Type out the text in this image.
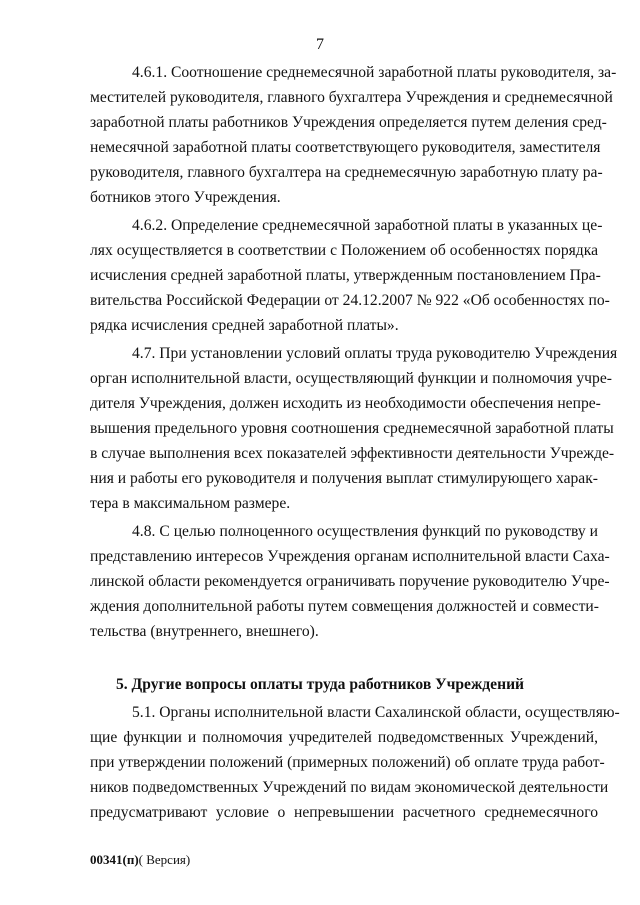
7
4.6.1. Соотношение среднемесячной заработной платы руководителя, за-
местителей руководителя, главного бухгалтера Учреждения и среднемесячной
заработной платы работников Учреждения определяется путем деления сред-
немесячной заработной платы соответствующего руководителя, заместителя
руководителя, главного бухгалтера на среднемесячную заработную плату ра-
ботников этого Учреждения.
4.6.2. Определение среднемесячной заработной платы в указанных це-
лях осуществляется в соответствии с Положением об особенностях порядка
исчисления средней заработной платы, утвержденным постановлением Пра-
вительства Российской Федерации от 24.12.2007 № 922 «Об особенностях по-
рядка исчисления средней заработной платы».
4.7. При установлении условий оплаты труда руководителю Учреждения
орган исполнительной власти, осуществляющий функции и полномочия учре-
дителя Учреждения, должен исходить из необходимости обеспечения непре-
вышения предельного уровня соотношения среднемесячной заработной платы
в случае выполнения всех показателей эффективности деятельности Учрежде-
ния и работы его руководителя и получения выплат стимулирующего харак-
тера в максимальном размере.
4.8. С целью полноценного осуществления функций по руководству и
представлению интересов Учреждения органам исполнительной власти Саха-
линской области рекомендуется ограничивать поручение руководителю Учре-
ждения дополнительной работы путем совмещения должностей и совмести-
тельства (внутреннего, внешнего).
5. Другие вопросы оплаты труда работников Учреждений
5.1. Органы исполнительной власти Сахалинской области, осуществляю-
щие функции и полномочия учредителей подведомственных Учреждений,
при утверждении положений (примерных положений) об оплате труда работ-
ников подведомственных Учреждений по видам экономической деятельности
предусматривают условие о непревышении расчетного среднемесячного
00341(п)( Версия)
